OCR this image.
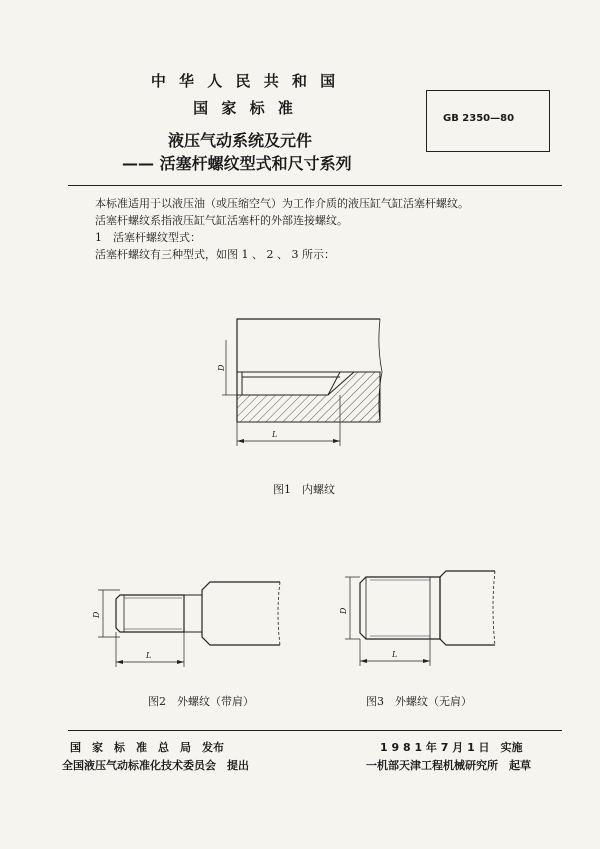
中 华 人 民 共 和 国
国 家 标 准
GB 2350—80
液压气动系统及元件
—— 活塞杆螺纹型式和尺寸系列
本标准适用于以液压油（或压缩空气）为工作介质的液压缸气缸活塞杆螺纹。
活塞杆螺纹系指液压缸气缸活塞杆的外部连接螺纹。
1　活塞杆螺纹型式：
活塞杆螺纹有三种型式，如图 1 、 2 、 3 所示：
D
L
D
L
D
L
图1　内螺纹
图2　外螺纹（带肩）	图3　外螺纹（无肩）
国　家　标　准　总　局　发布	1 9 8 1 年 7 月 1 日　实施
全国液压气动标准化技术委员会　提出	一机部天津工程机械研究所　起草
